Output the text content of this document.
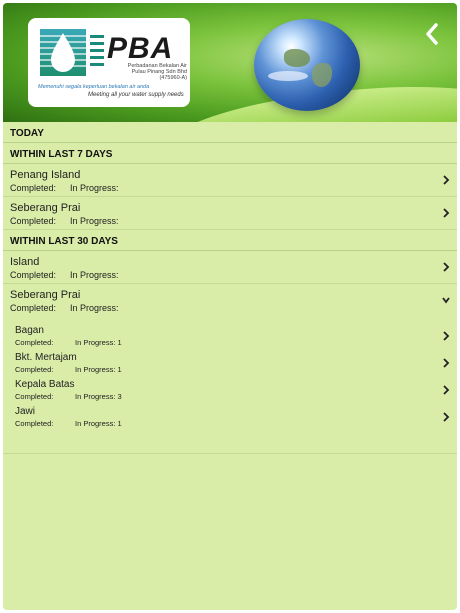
PBA
Perbadanan Bekalan Air
Pulau Pinang Sdn Bhd
(475960-A)
Memenuhi segala keperluan bekalan air anda
Meeting all your water supply needs
TODAY
WITHIN LAST 7 DAYS
Penang Island
Completed: In Progress:
Seberang Prai
Completed: In Progress:
WITHIN LAST 30 DAYS
Island
Completed: In Progress:
Seberang Prai
Completed: In Progress:
Bagan
Completed:	In Progress: 1
Bkt. Mertajam
Completed:	In Progress: 1
Kepala Batas
Completed:	In Progress: 3
Jawi
Completed:	In Progress: 1
